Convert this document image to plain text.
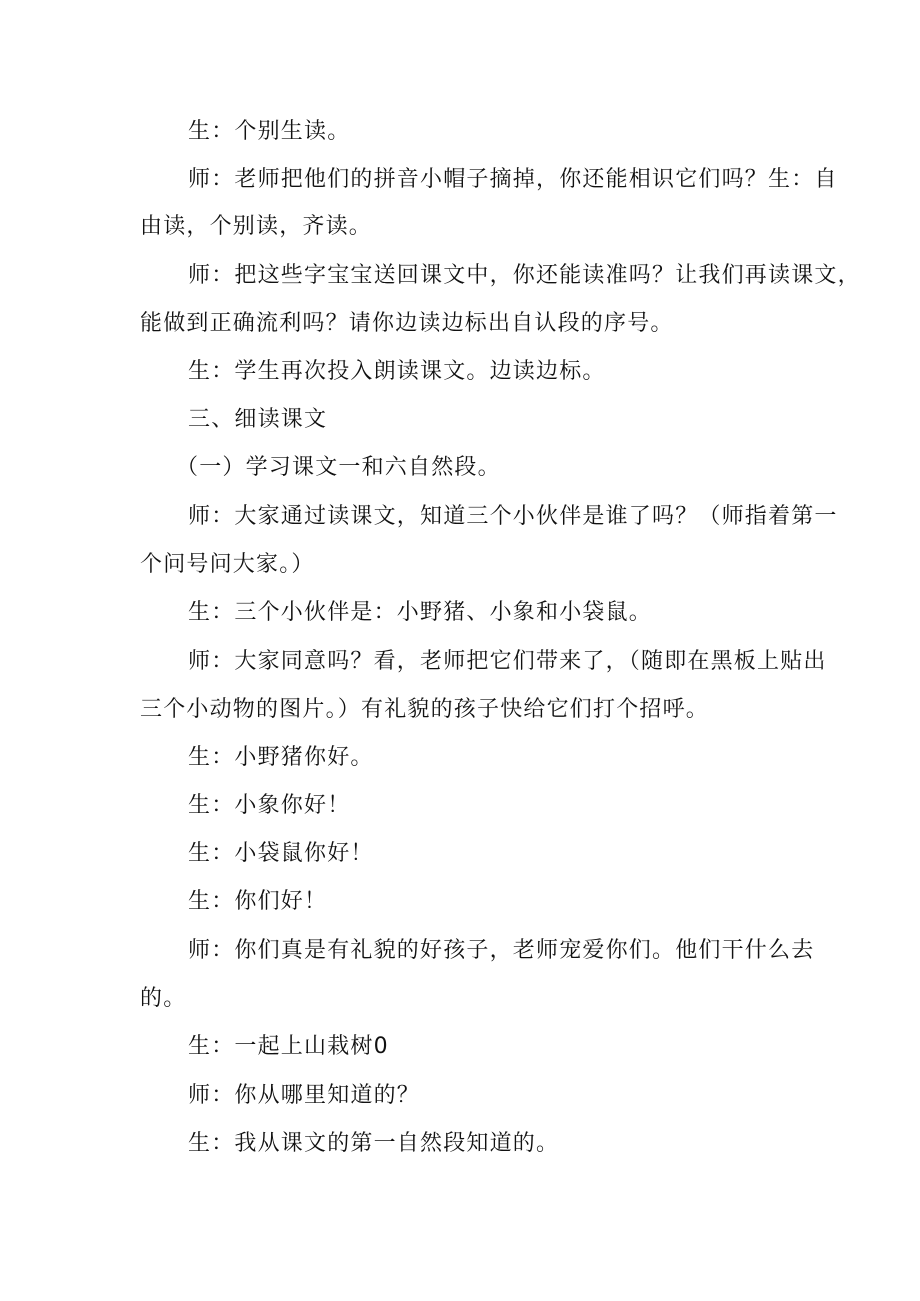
生：个别生读。
师：老师把他们的拼音小帽子摘掉，你还能相识它们吗？生：自
由读，个别读，齐读。
师：把这些字宝宝送回课文中，你还能读准吗？让我们再读课文，
能做到正确流利吗？请你边读边标出自认段的序号。
生：学生再次投入朗读课文。边读边标。
三、细读课文
（一）学习课文一和六自然段。
师：大家通过读课文，知道三个小伙伴是谁了吗？（师指着第一
个问号问大家。）
生：三个小伙伴是：小野猪、小象和小袋鼠。
师：大家同意吗？看，老师把它们带来了，（随即在黑板上贴出
三个小动物的图片。）有礼貌的孩子快给它们打个招呼。
生：小野猪你好。
生：小象你好！
生：小袋鼠你好！
生：你们好！
师：你们真是有礼貌的好孩子，老师宠爱你们。他们干什么去
的。
生：一起上山栽树0
师：你从哪里知道的？
生：我从课文的第一自然段知道的。
